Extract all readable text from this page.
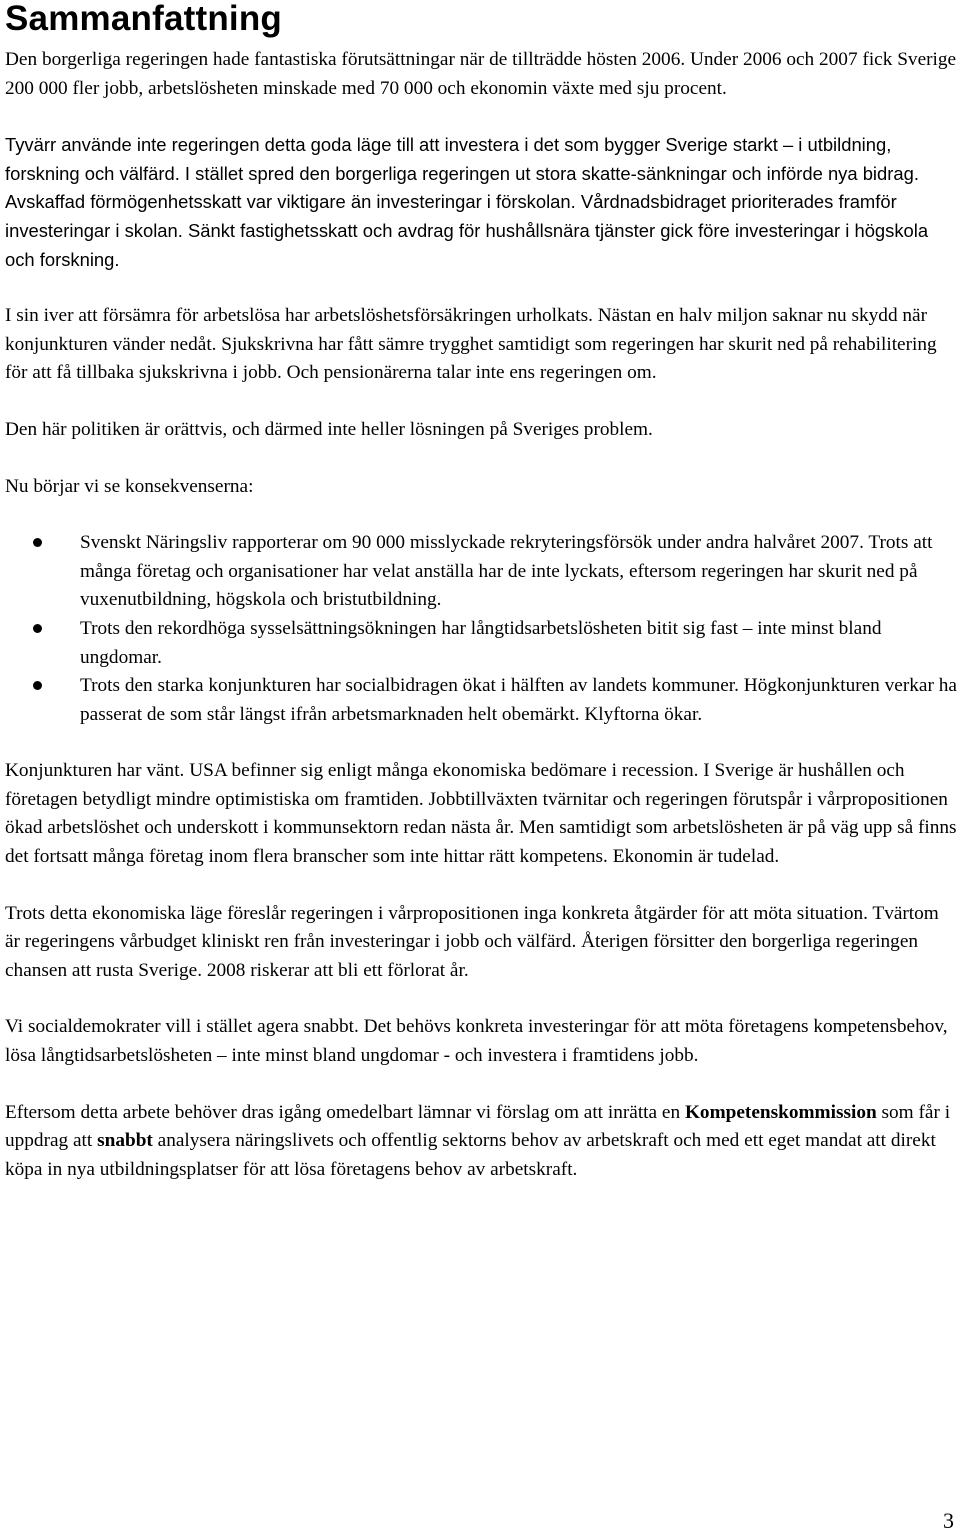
Sammanfattning

Den borgerliga regeringen hade fantastiska förutsättningar när de tillträdde hösten 2006. Under 2006 och 2007 fick Sverige 200 000 fler jobb, arbetslösheten minskade med 70 000 och ekonomin växte med sju procent.

Tyvärr använde inte regeringen detta goda läge till att investera i det som bygger Sverige starkt – i utbildning, forskning och välfärd. I stället spred den borgerliga regeringen ut stora skatte-sänkningar och införde nya bidrag. Avskaffad förmögenhetsskatt var viktigare än investeringar i förskolan. Vårdnadsbidraget prioriterades framför investeringar i skolan. Sänkt fastighetsskatt och avdrag för hushållsnära tjänster gick före investeringar i högskola och forskning.

I sin iver att försämra för arbetslösa har arbetslöshetsförsäkringen urholkats. Nästan en halv miljon saknar nu skydd när konjunkturen vänder nedåt. Sjukskrivna har fått sämre trygghet samtidigt som regeringen har skurit ned på rehabilitering för att få tillbaka sjukskrivna i jobb. Och pensionärerna talar inte ens regeringen om.

Den här politiken är orättvis, och därmed inte heller lösningen på Sveriges problem.

Nu börjar vi se konsekvenserna:

Svenskt Näringsliv rapporterar om 90 000 misslyckade rekryteringsförsök under andra halvåret 2007. Trots att många företag och organisationer har velat anställa har de inte lyckats, eftersom regeringen har skurit ned på vuxenutbildning, högskola och bristutbildning.
Trots den rekordhöga sysselsättningsökningen har långtidsarbetslösheten bitit sig fast – inte minst bland ungdomar.
Trots den starka konjunkturen har socialbidragen ökat i hälften av landets kommuner. Högkonjunkturen verkar ha passerat de som står längst ifrån arbetsmarknaden helt obemärkt. Klyftorna ökar.

Konjunkturen har vänt. USA befinner sig enligt många ekonomiska bedömare i recession. I Sverige är hushållen och företagen betydligt mindre optimistiska om framtiden. Jobbtillväxten tvärnitar och regeringen förutspår i vårpropositionen ökad arbetslöshet och underskott i kommunsektorn redan nästa år. Men samtidigt som arbetslösheten är på väg upp så finns det fortsatt många företag inom flera branscher som inte hittar rätt kompetens. Ekonomin är tudelad.

Trots detta ekonomiska läge föreslår regeringen i vårpropositionen inga konkreta åtgärder för att möta situation. Tvärtom är regeringens vårbudget kliniskt ren från investeringar i jobb och välfärd. Återigen försitter den borgerliga regeringen chansen att rusta Sverige. 2008 riskerar att bli ett förlorat år.

Vi socialdemokrater vill i stället agera snabbt. Det behövs konkreta investeringar för att möta företagens kompetensbehov, lösa långtidsarbetslösheten – inte minst bland ungdomar - och investera i framtidens jobb.

Eftersom detta arbete behöver dras igång omedelbart lämnar vi förslag om att inrätta en Kompetenskommission som får i uppdrag att snabbt analysera näringslivets och offentlig sektorns behov av arbetskraft och med ett eget mandat att direkt köpa in nya utbildningsplatser för att lösa företagens behov av arbetskraft.

3
